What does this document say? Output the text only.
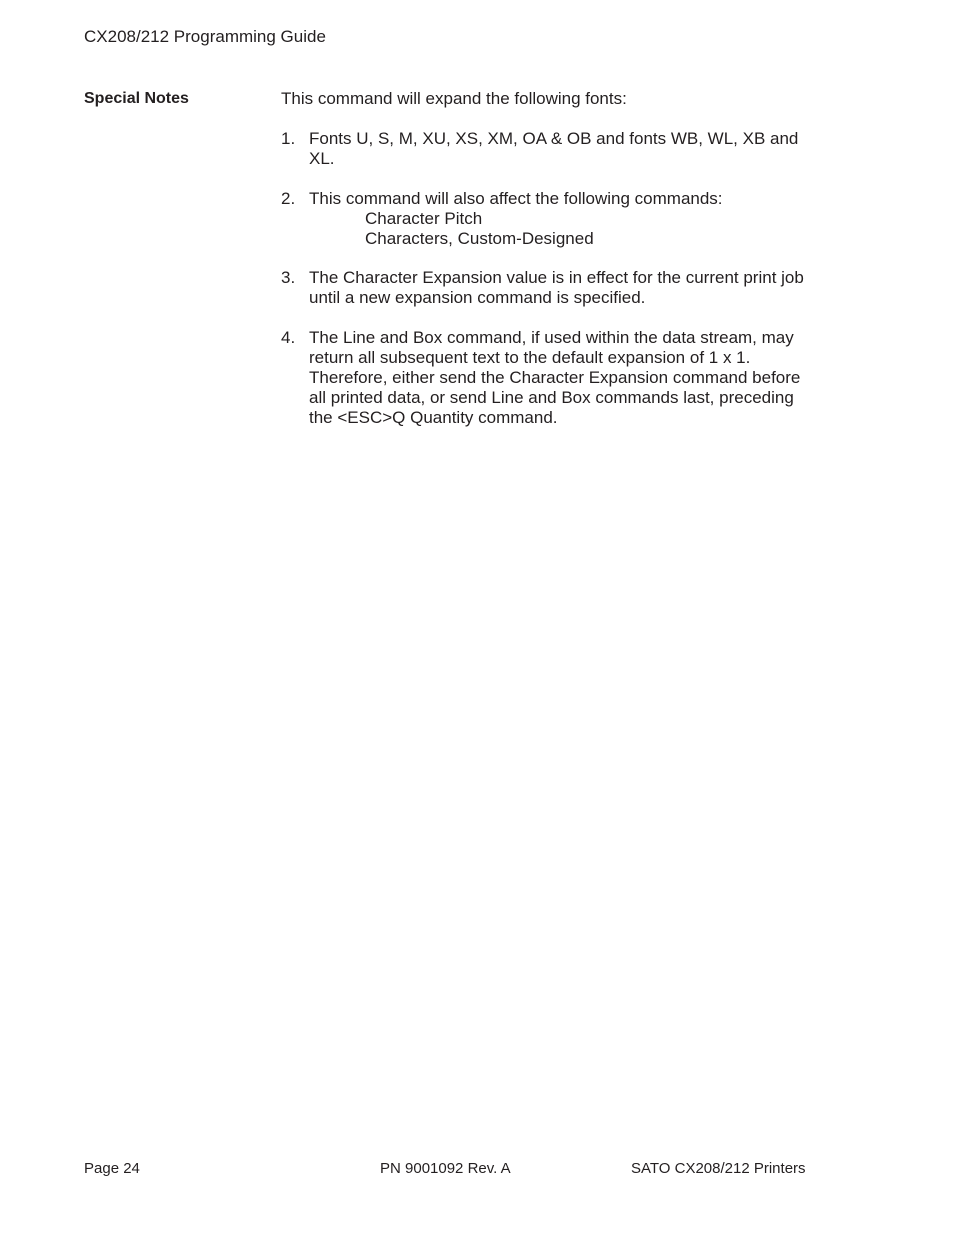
CX208/212 Programming Guide
Special Notes	This command will expand the following fonts:
1. Fonts U, S, M, XU, XS, XM, OA & OB and fonts WB, WL, XB and XL.
2. This command will also affect the following commands:
Character Pitch
Characters, Custom-Designed
3. The Character Expansion value is in effect for the current print job until a new expansion command is specified.
4. The Line and Box command, if used within the data stream, may return all subsequent text to the default expansion of 1 x 1. Therefore, either send the Character Expansion command before all printed data, or send Line and Box commands last, preceding the <ESC>Q Quantity command.
Page 24	PN 9001092 Rev. A	SATO CX208/212 Printers
